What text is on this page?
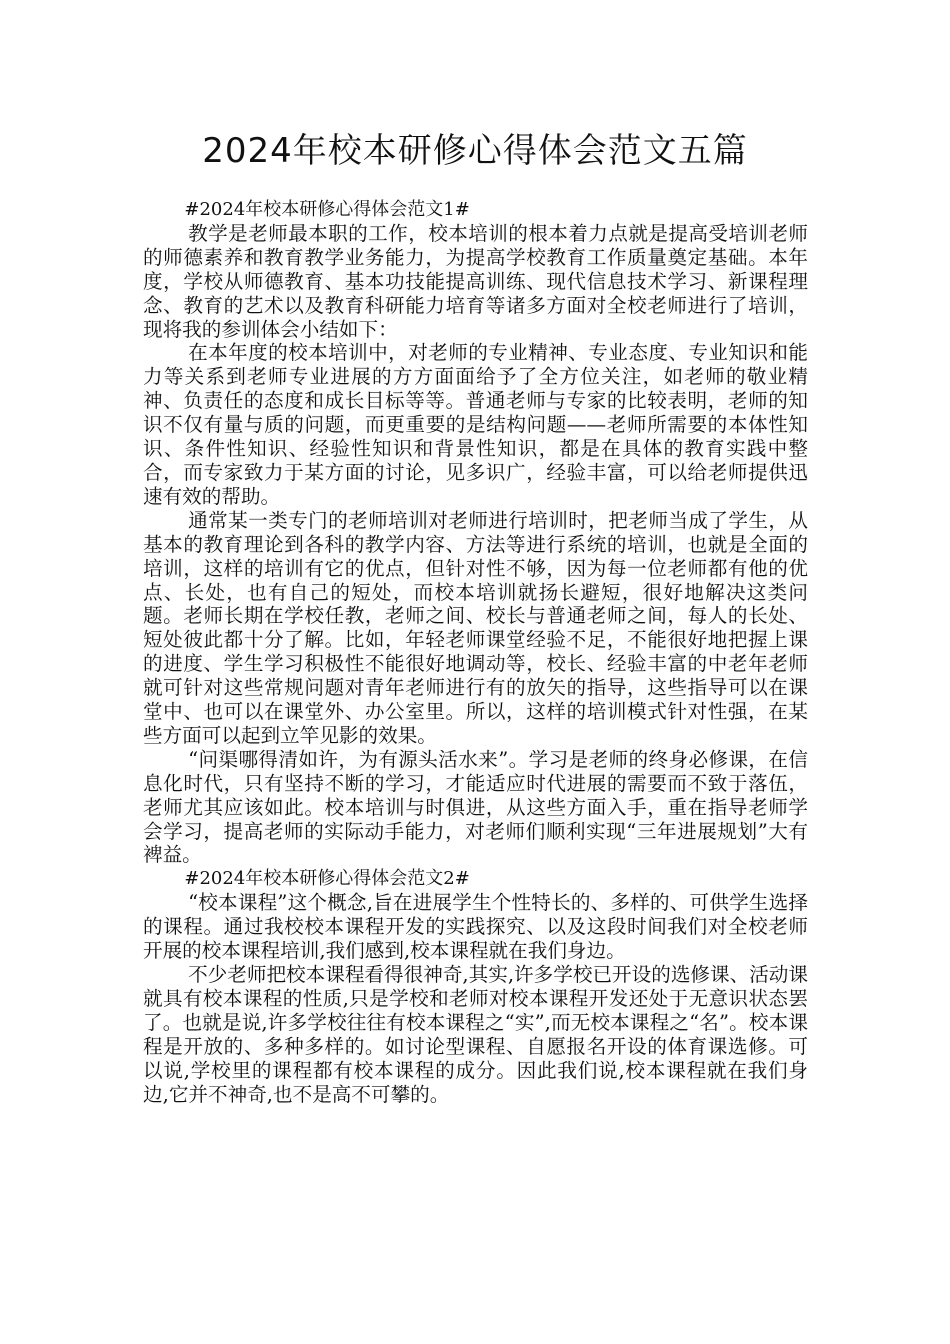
2024年校本研修心得体会范文五篇

#2024年校本研修心得体会范文1#

教学是老师最本职的工作，校本培训的根本着力点就是提高受培训老师的师德素养和教育教学业务能力，为提高学校教育工作质量奠定基础。本年度，学校从师德教育、基本功技能提高训练、现代信息技术学习、新课程理念、教育的艺术以及教育科研能力培育等诸多方面对全校老师进行了培训，现将我的参训体会小结如下：

在本年度的校本培训中，对老师的专业精神、专业态度、专业知识和能力等关系到老师专业进展的方方面面给予了全方位关注，如老师的敬业精神、负责任的态度和成长目标等等。普通老师与专家的比较表明，老师的知识不仅有量与质的问题，而更重要的是结构问题——老师所需要的本体性知识、条件性知识、经验性知识和背景性知识，都是在具体的教育实践中整合，而专家致力于某方面的讨论，见多识广，经验丰富，可以给老师提供迅速有效的帮助。

通常某一类专门的老师培训对老师进行培训时，把老师当成了学生，从基本的教育理论到各科的教学内容、方法等进行系统的培训，也就是全面的培训，这样的培训有它的优点，但针对性不够，因为每一位老师都有他的优点、长处，也有自己的短处，而校本培训就扬长避短，很好地解决这类问题。老师长期在学校任教，老师之间、校长与普通老师之间，每人的长处、短处彼此都十分了解。比如，年轻老师课堂经验不足，不能很好地把握上课的进度、学生学习积极性不能很好地调动等，校长、经验丰富的中老年老师就可针对这些常规问题对青年老师进行有的放矢的指导，这些指导可以在课堂中、也可以在课堂外、办公室里。所以，这样的培训模式针对性强，在某些方面可以起到立竿见影的效果。

“问渠哪得清如许，为有源头活水来”。学习是老师的终身必修课，在信息化时代，只有坚持不断的学习，才能适应时代进展的需要而不致于落伍，老师尤其应该如此。校本培训与时俱进，从这些方面入手，重在指导老师学会学习，提高老师的实际动手能力，对老师们顺利实现“三年进展规划”大有裨益。

#2024年校本研修心得体会范文2#

“校本课程”这个概念,旨在进展学生个性特长的、多样的、可供学生选择的课程。通过我校校本课程开发的实践探究、以及这段时间我们对全校老师开展的校本课程培训,我们感到,校本课程就在我们身边。

不少老师把校本课程看得很神奇,其实,许多学校已开设的选修课、活动课就具有校本课程的性质,只是学校和老师对校本课程开发还处于无意识状态罢了。也就是说,许多学校往往有校本课程之“实”,而无校本课程之“名”。校本课程是开放的、多种多样的。如讨论型课程、自愿报名开设的体育课选修。可以说,学校里的课程都有校本课程的成分。因此我们说,校本课程就在我们身边,它并不神奇,也不是高不可攀的。
